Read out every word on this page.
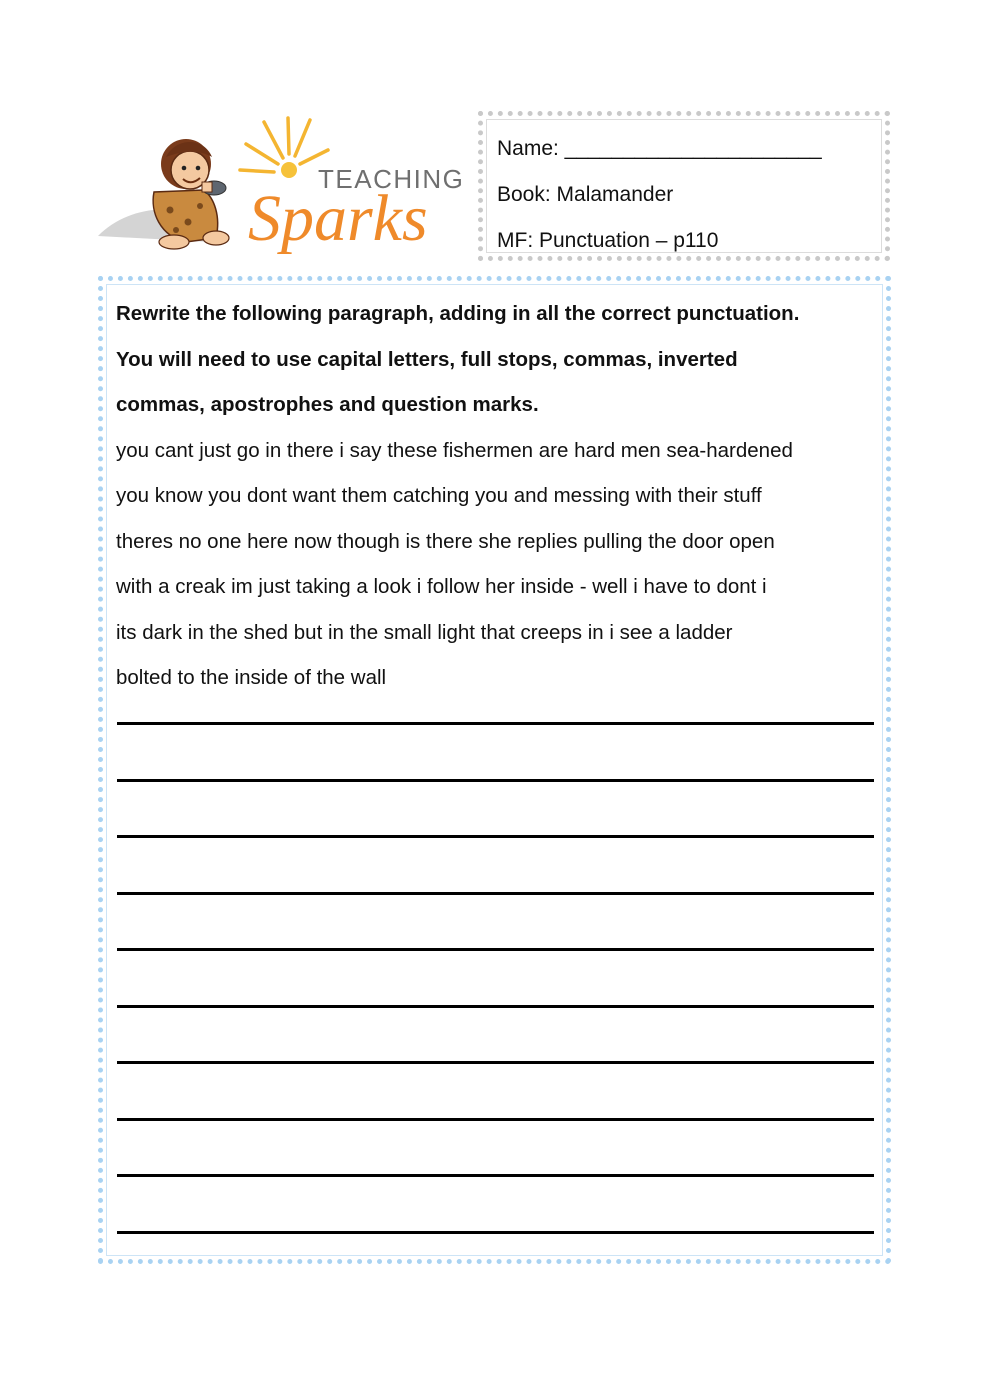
TEACHING
Sparks
Name: ______________________
Book: Malamander
MF: Punctuation – p110
Rewrite the following paragraph, adding in all the correct punctuation.
You will need to use capital letters, full stops, commas, inverted
commas, apostrophes and question marks.
you cant just go in there i say these fishermen are hard men sea-hardened
you know you dont want them catching you and messing with their stuff
theres no one here now though is there she replies pulling the door open
with a creak im just taking a look i follow her inside - well i have to dont i
its dark in the shed but in the small light that creeps in i see a ladder
bolted to the inside of the wall
